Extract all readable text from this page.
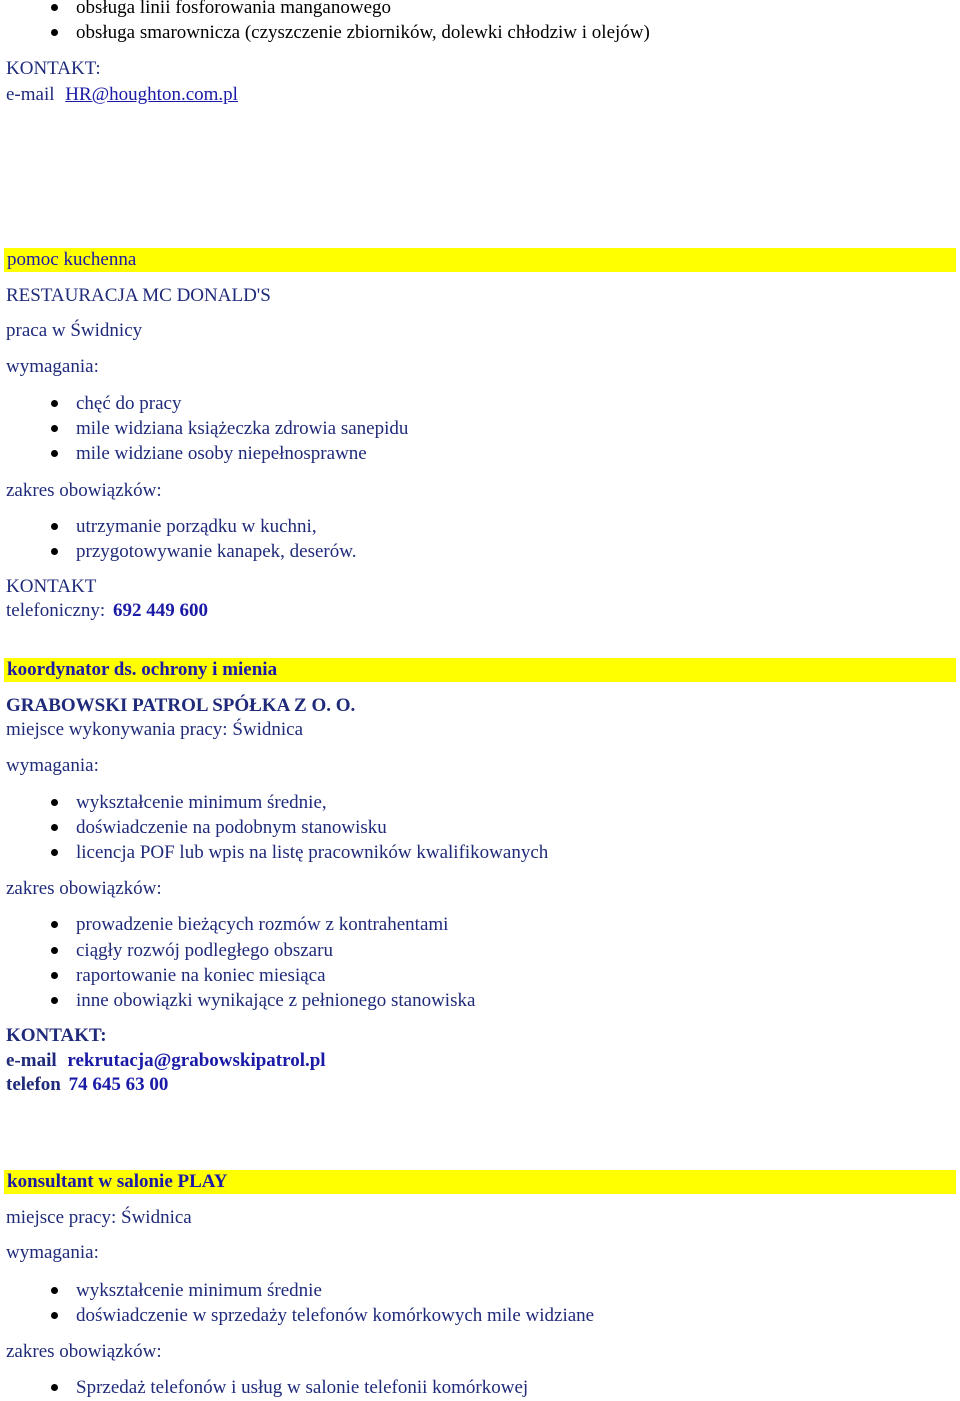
obsługa linii fosforowania manganowego
obsługa smarownicza (czyszczenie zbiorników, dolewki chłodziw i olejów)
KONTAKT:
e-mail HR@houghton.com.pl
pomoc kuchenna
RESTAURACJA MC DONALD'S
praca w Świdnicy
wymagania:
chęć do pracy
mile widziana książeczka zdrowia sanepidu
mile widziane osoby niepełnosprawne
zakres obowiązków:
utrzymanie porządku w kuchni,
przygotowywanie kanapek, deserów.
KONTAKT
telefoniczny: 692 449 600
koordynator ds. ochrony i mienia
GRABOWSKI PATROL SPÓŁKA Z O. O.
miejsce wykonywania pracy: Świdnica
wymagania:
wykształcenie minimum średnie,
doświadczenie na podobnym stanowisku
licencja POF lub wpis na listę pracowników kwalifikowanych
zakres obowiązków:
prowadzenie bieżących rozmów z kontrahentami
ciągły rozwój podległego obszaru
raportowanie na koniec miesiąca
inne obowiązki wynikające z pełnionego stanowiska
KONTAKT:
e-mail rekrutacja@grabowskipatrol.pl
telefon 74 645 63 00
konsultant w salonie PLAY
miejsce pracy: Świdnica
wymagania:
wykształcenie minimum średnie
doświadczenie w sprzedaży telefonów komórkowych mile widziane
zakres obowiązków:
Sprzedaż telefonów i usług w salonie telefonii komórkowej
